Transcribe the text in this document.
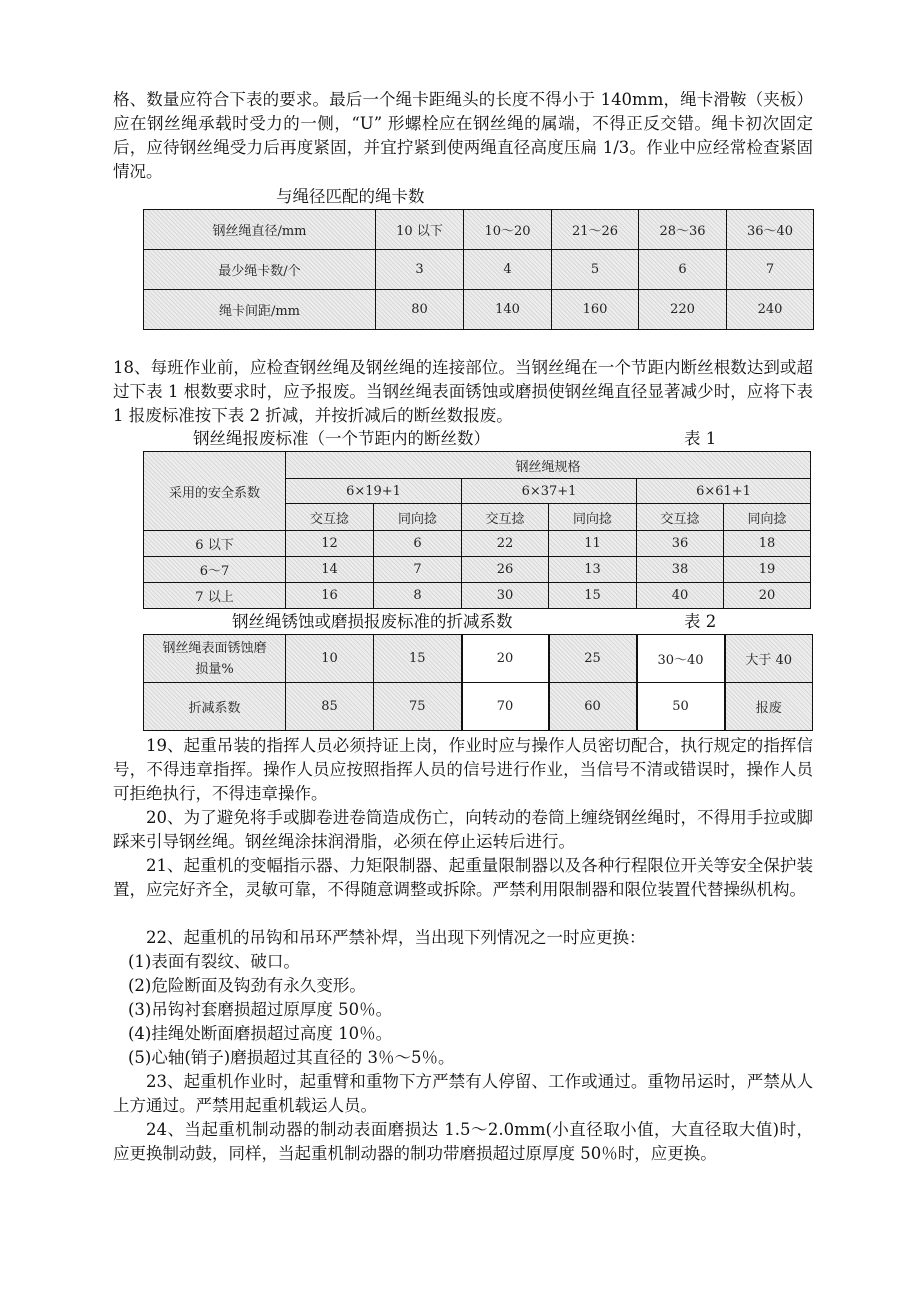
格、数量应符合下表的要求。最后一个绳卡距绳头的长度不得小于 140mm，绳卡滑鞍（夹板）应在钢丝绳承载时受力的一侧，“U” 形螺栓应在钢丝绳的属端，不得正反交错。绳卡初次固定后，应待钢丝绳受力后再度紧固，并宜拧紧到使两绳直径高度压扁 1/3。作业中应经常检查紧固情况。

与绳径匹配的绳卡数
钢丝绳直径/mm	10 以下	10～20	21～26	28～36	36～40
最少绳卡数/个	3	4	5	6	7
绳卡间距/mm	80	140	160	220	240

18、每班作业前，应检查钢丝绳及钢丝绳的连接部位。当钢丝绳在一个节距内断丝根数达到或超过下表 1 根数要求时，应予报废。当钢丝绳表面锈蚀或磨损使钢丝绳直径显著减少时，应将下表 1 报废标准按下表 2 折减，并按折减后的断丝数报废。

钢丝绳报废标准（一个节距内的断丝数）	表 1
采用的安全系数	钢丝绳规格					
	6×19+1		6×37+1		6×61+1	
	交互捻	同向捻	交互捻	同向捻	交互捻	同向捻
6 以下	12	6	22	11	36	18
6～7	14	7	26	13	38	19
7 以上	16	8	30	15	40	20
钢丝绳锈蚀或磨损报废标准的折减系数	表 2
钢丝绳表面锈蚀磨
损量%	10	15	20	25	30～40	大于 40
折减系数	85	75	70	60	50	报废

19、起重吊装的指挥人员必须持证上岗，作业时应与操作人员密切配合，执行规定的指挥信号，不得违章指挥。操作人员应按照指挥人员的信号进行作业，当信号不清或错误时，操作人员可拒绝执行，不得违章操作。

20、为了避免将手或脚卷进卷筒造成伤亡，向转动的卷筒上缠绕钢丝绳时，不得用手拉或脚踩来引导钢丝绳。钢丝绳涂抹润滑脂，必须在停止运转后进行。

21、起重机的变幅指示器、力矩限制器、起重量限制器以及各种行程限位开关等安全保护装置，应完好齐全，灵敏可靠，不得随意调整或拆除。严禁利用限制器和限位装置代替操纵机构。

22、起重机的吊钩和吊环严禁补焊，当出现下列情况之一时应更换：

(1)表面有裂纹、破口。

(2)危险断面及钩劲有永久变形。

(3)吊钩衬套磨损超过原厚度 50％。

(4)挂绳处断面磨损超过高度 10％。

(5)心轴(销子)磨损超过其直径的 3％～5％。

23、起重机作业时，起重臂和重物下方严禁有人停留、工作或通过。重物吊运时，严禁从人上方通过。严禁用起重机载运人员。

24、当起重机制动器的制动表面磨损达 1.5～2.0mm(小直径取小值，大直径取大值)时，应更换制动鼓，同样，当起重机制动器的制功带磨损超过原厚度 50％时，应更换。
